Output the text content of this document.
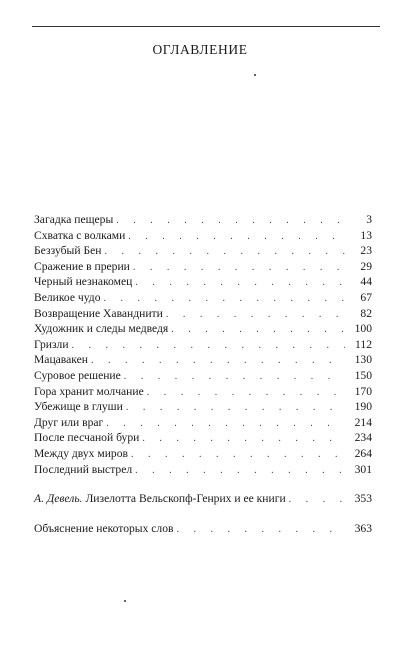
ОГЛАВЛЕНИЕ
Загадка пещеры . . .	3
Схватка с волками . . .	13
Беззубый Бен . . .	23
Сражение в прерии . . .	29
Черный незнакомец . . .	44
Великое чудо . . .	67
Возвращение Хаванднити . . .	82
Художник и следы медведя . . .	100
Гризли . . .	112
Мацавакен . . .	130
Суровое решение . . .	150
Гора хранит молчание . . .	170
Убежище в глуши . . .	190
Друг или враг . . .	214
После песчаной бури . . .	234
Между двух миров . . .	264
Последний выстрел . . .	301
А. Девель. Лизелотта Вельскопф-Генрих и ее книги . . .	353
Объяснение некоторых слов . . .	363
